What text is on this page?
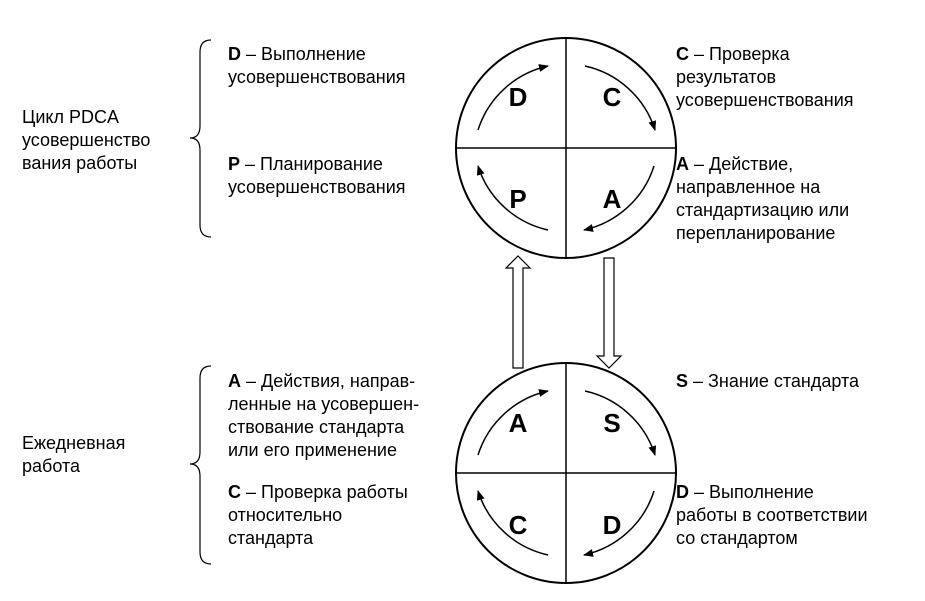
D	C
P	A
A	S
C	D
Цикл PDCA
усовершенство
вания работы
Ежедневная
работа
D – Выполнение
усовершенствования
P – Планирование
усовершенствования
C – Проверка
результатов
усовершенствования
A – Действие,
направленное на
стандартизацию или
перепланирование
A – Действия, направ-
ленные на усовершен-
ствование стандарта
или его применение
C – Проверка работы
относительно
стандарта
S – Знание стандарта
D – Выполнение
работы в соответствии
со стандартом
